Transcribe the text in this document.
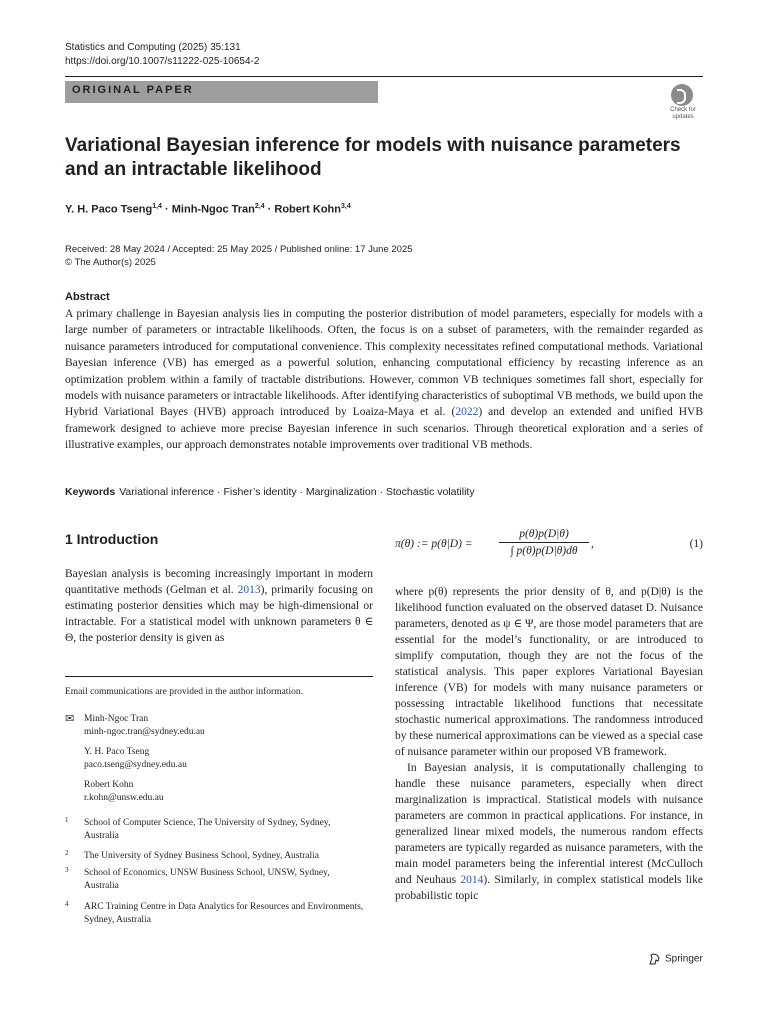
Statistics and Computing (2025) 35:131
https://doi.org/10.1007/s11222-025-10654-2
ORIGINAL PAPER
Check for
updates
Variational Bayesian inference for models with nuisance parameters and an intractable likelihood
Y. H. Paco Tseng$^{1,4}$ · Minh-Ngoc Tran$^{2,4}$ · Robert Kohn$^{3,4}$
Received: 28 May 2024 / Accepted: 25 May 2025 / Published online: 17 June 2025
© The Author(s) 2025
Abstract
A primary challenge in Bayesian analysis lies in computing the posterior distribution of model parameters, especially for models with a large number of parameters or intractable likelihoods. Often, the focus is on a subset of parameters, with the remainder regarded as nuisance parameters introduced for computational convenience. This complexity necessitates refined computational methods. Variational Bayesian inference (VB) has emerged as a powerful solution, enhancing computational efficiency by recasting inference as an optimization problem within a family of tractable distributions. However, common VB techniques sometimes fall short, especially for models with nuisance parameters or intractable likelihoods. After identifying characteristics of suboptimal VB methods, we build upon the Hybrid Variational Bayes (HVB) approach introduced by Loaiza-Maya et al. (2022) and develop an extended and unified HVB framework designed to achieve more precise Bayesian inference in such scenarios. Through theoretical exploration and a series of illustrative examples, our approach demonstrates notable improvements over traditional VB methods.
Keywords Variational inference · Fisher’s identity · Marginalization · Stochastic volatility
1 Introduction
Bayesian analysis is becoming increasingly important in modern quantitative methods (Gelman et al. 2013), primarily focusing on estimating posterior densities which may be high-dimensional or intractable. For a statistical model with unknown parameters θ ∈ Θ, the posterior density is given as
Email communications are provided in the author information.
✉ Minh-Ngoc Tran
minh-ngoc.tran@sydney.edu.au
Y. H. Paco Tseng
paco.tseng@sydney.edu.au
Robert Kohn
r.kohn@unsw.edu.au
1 School of Computer Science, The University of Sydney, Sydney, Australia
2 The University of Sydney Business School, Sydney, Australia
3 School of Economics, UNSW Business School, UNSW, Sydney, Australia
4 ARC Training Centre in Data Analytics for Resources and Environments, Sydney, Australia
π(θ) := p(θ|D) =
p(θ)p(D|θ)
∫ p(θ)p(D|θ)dθ
,	(1)

where p(θ) represents the prior density of θ, and p(D|θ) is the likelihood function evaluated on the observed dataset D. Nuisance parameters, denoted as ψ ∈ Ψ, are those model parameters that are essential for the model’s functionality, or are introduced to simplify computation, though they are not the focus of the statistical analysis. This paper explores Variational Bayesian inference (VB) for models with many nuisance parameters or possessing intractable likelihood functions that necessitate stochastic numerical approximations. The randomness introduced by these numerical approximations can be viewed as a special case of nuisance parameter within our proposed VB framework.

In Bayesian analysis, it is computationally challenging to handle these nuisance parameters, especially when direct marginalization is impractical. Statistical models with nuisance parameters are common in practical applications. For instance, in generalized linear mixed models, the numerous random effects parameters are typically regarded as nuisance parameters, with the main model parameters being the inferential interest (McCulloch and Neuhaus 2014). Similarly, in complex statistical models like probabilistic topic

Springer
